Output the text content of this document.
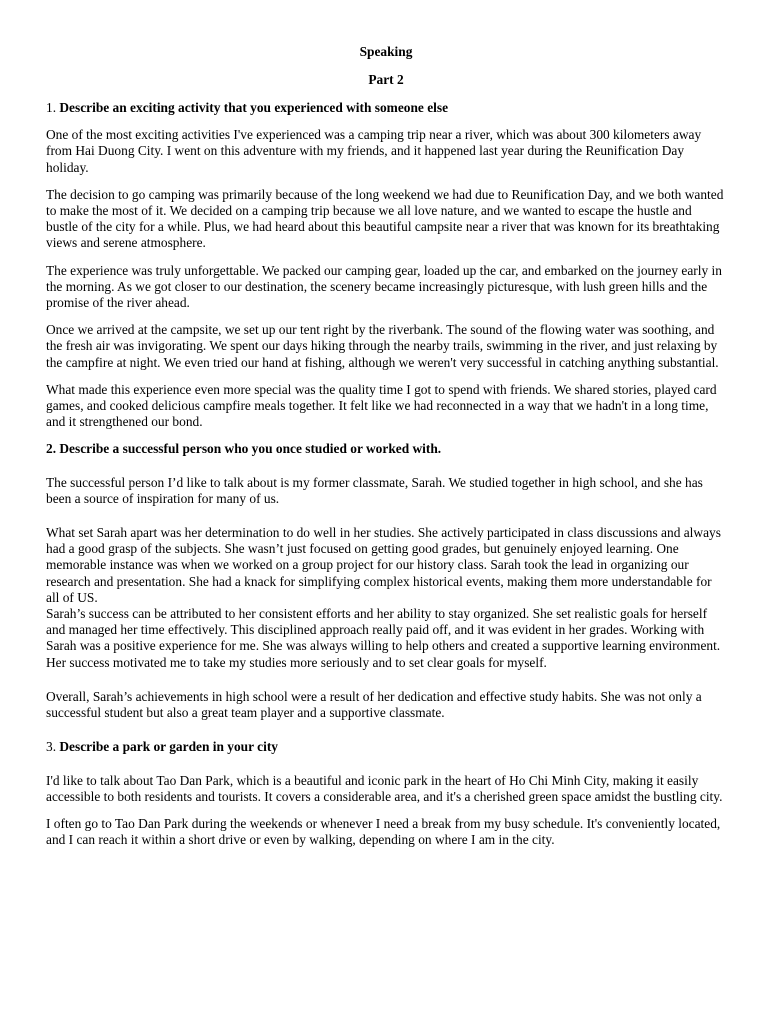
Speaking
Part 2
1. Describe an exciting activity that you experienced with someone else

One of the most exciting activities I've experienced was a camping trip near a river, which was about 300 kilometers away from Hai Duong City. I went on this adventure with my friends, and it happened last year during the Reunification Day holiday.

The decision to go camping was primarily because of the long weekend we had due to Reunification Day, and we both wanted to make the most of it. We decided on a camping trip because we all love nature, and we wanted to escape the hustle and bustle of the city for a while. Plus, we had heard about this beautiful campsite near a river that was known for its breathtaking views and serene atmosphere.

The experience was truly unforgettable. We packed our camping gear, loaded up the car, and embarked on the journey early in the morning. As we got closer to our destination, the scenery became increasingly picturesque, with lush green hills and the promise of the river ahead.

Once we arrived at the campsite, we set up our tent right by the riverbank. The sound of the flowing water was soothing, and the fresh air was invigorating. We spent our days hiking through the nearby trails, swimming in the river, and just relaxing by the campfire at night. We even tried our hand at fishing, although we weren't very successful in catching anything substantial.

What made this experience even more special was the quality time I got to spend with friends. We shared stories, played card games, and cooked delicious campfire meals together. It felt like we had reconnected in a way that we hadn't in a long time, and it strengthened our bond.

2. Describe a successful person who you once studied or worked with.

The successful person I’d like to talk about is my former classmate, Sarah. We studied together in high school, and she has been a source of inspiration for many of us.

What set Sarah apart was her determination to do well in her studies. She actively participated in class discussions and always had a good grasp of the subjects. She wasn’t just focused on getting good grades, but genuinely enjoyed learning. One memorable instance was when we worked on a group project for our history class. Sarah took the lead in organizing our research and presentation. She had a knack for simplifying complex historical events, making them more understandable for all of US.

Sarah’s success can be attributed to her consistent efforts and her ability to stay organized. She set realistic goals for herself and managed her time effectively. This disciplined approach really paid off, and it was evident in her grades. Working with Sarah was a positive experience for me. She was always willing to help others and created a supportive learning environment. Her success motivated me to take my studies more seriously and to set clear goals for myself.

Overall, Sarah’s achievements in high school were a result of her dedication and effective study habits. She was not only a successful student but also a great team player and a supportive classmate.

3. Describe a park or garden in your city

I'd like to talk about Tao Dan Park, which is a beautiful and iconic park in the heart of Ho Chi Minh City, making it easily accessible to both residents and tourists. It covers a considerable area, and it's a cherished green space amidst the bustling city.

I often go to Tao Dan Park during the weekends or whenever I need a break from my busy schedule. It's conveniently located, and I can reach it within a short drive or even by walking, depending on where I am in the city.
